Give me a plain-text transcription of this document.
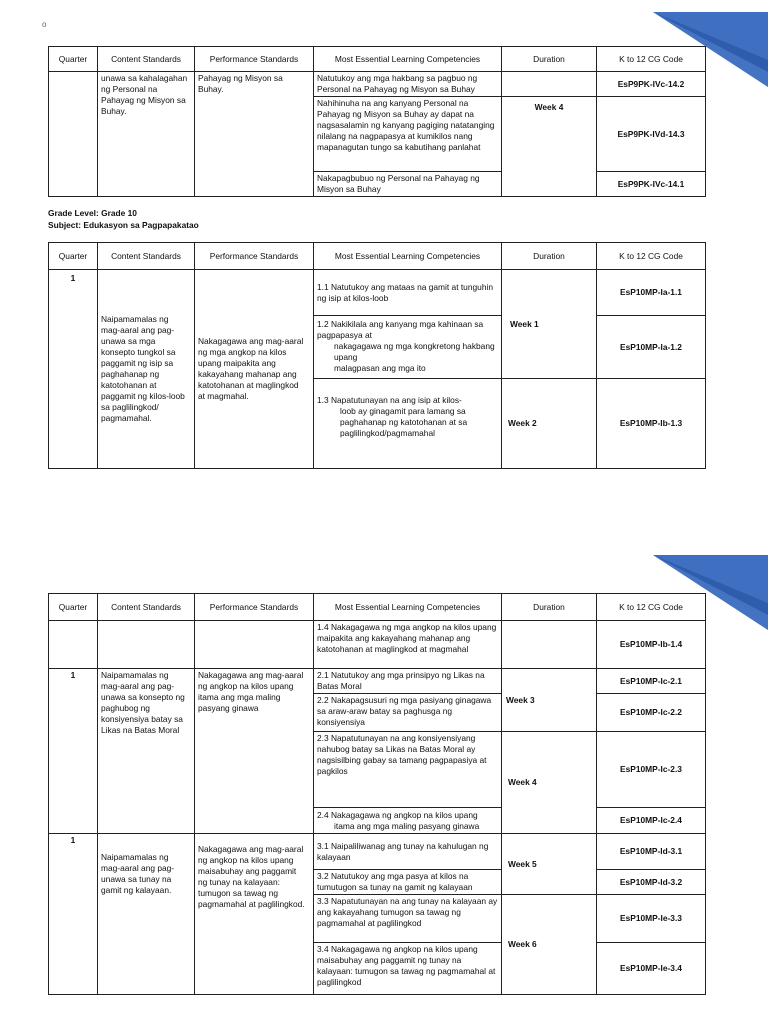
o
Quarter	Content Standards	Performance Standards	Most Essential Learning Competencies	Duration	K to 12 CG Code
	unawa sa kahalagahan ng Personal na Pahayag ng Misyon sa Buhay.	Pahayag ng Misyon sa Buhay.	Natutukoy ang mga hakbang sa pagbuo ng Personal na Pahayag ng Misyon sa Buhay		EsP9PK-IVc-14.2
			Nahihinuha na ang kanyang Personal na Pahayag ng Misyon sa Buhay ay dapat na nagsasalamin ng kanyang pagiging natatanging nilalang na nagpapasya at kumikilos nang mapanagutan tungo sa kabutihang panlahat	Week 4	EsP9PK-IVd-14.3
			Nakapagbubuo ng Personal na Pahayag ng Misyon sa Buhay		EsP9PK-IVc-14.1
Grade Level: Grade 10
Subject: Edukasyon sa Pagpapakatao
Quarter	Content Standards	Performance Standards	Most Essential Learning Competencies	Duration	K to 12 CG Code
1	Naipamamalas ng mag-aaral ang pag-unawa sa mga konsepto tungkol sa paggamit ng isip sa paghahanap ng katotohanan at paggamit ng kilos-loob sa paglilingkod/ pagmamahal.	Nakagagawa ang mag-aaral ng mga angkop na kilos upang maipakita ang kakayahang mahanap ang katotohanan at maglingkod at magmahal.	1.1 Natutukoy ang mataas na gamit at tunguhin ng isip at kilos-loob	Week 1	EsP10MP-Ia-1.1

			1.2 Nakikilala ang kanyang mga kahinaan sa pagpapasya at
nakagagawa ng mga kongkretong hakbang upang
malagpasan ang mga ito		EsP10MP-Ia-1.2

			1.3 Napatutunayan na ang isip at kilos-
loob ay ginagamit para lamang sa paghahanap ng katotohanan at sa paglilingkod/pagmamahal	Week 2	EsP10MP-Ib-1.3
Quarter	Content Standards	Performance Standards	Most Essential Learning Competencies	Duration	K to 12 CG Code
			1.4 Nakagagawa ng mga angkop na kilos upang maipakita ang kakayahang mahanap ang katotohanan at maglingkod at magmahal		EsP10MP-Ib-1.4
1	Naipamamalas ng mag-aaral ang pag-unawa sa konsepto ng paghubog ng konsiyensiya batay sa Likas na Batas Moral	Nakagagawa ang mag-aaral ng angkop na kilos upang itama ang mga maling pasyang ginawa	2.1 Natutukoy ang mga prinsipyo ng Likas na Batas Moral	Week 3	EsP10MP-Ic-2.1
			2.2 Nakapagsusuri ng mga pasiyang ginagawa sa araw-araw batay sa paghusga ng konsiyensiya		EsP10MP-Ic-2.2
			2.3 Napatutunayan na ang konsiyensiyang nahubog batay sa Likas na Batas Moral ay nagsisilbing gabay sa tamang pagpapasiya at pagkilos	Week 4	EsP10MP-Ic-2.3

			2.4 Nakagagawa ng angkop na kilos upang
itama ang mga maling pasyang ginawa		EsP10MP-Ic-2.4
1	Naipamamalas ng mag-aaral ang pag-unawa sa tunay na gamit ng kalayaan.	Nakagagawa ang mag-aaral ng angkop na kilos upang maisabuhay ang paggamit ng tunay na kalayaan: tumugon sa tawag ng pagmamahal at paglilingkod.	3.1 Naipaliliwanag ang tunay na kahulugan ng kalayaan	Week 5	EsP10MP-Id-3.1
			3.2 Natutukoy ang mga pasya at kilos na tumutugon sa tunay na gamit ng kalayaan		EsP10MP-Id-3.2
			3.3 Napatutunayan na ang tunay na kalayaan ay ang kakayahang tumugon sa tawag ng pagmamahal at paglilingkod	Week 6	EsP10MP-Ie-3.3
			3.4 Nakagagawa ng angkop na kilos upang maisabuhay ang paggamit ng tunay na kalayaan: tumugon sa tawag ng pagmamahal at paglilingkod		EsP10MP-Ie-3.4
